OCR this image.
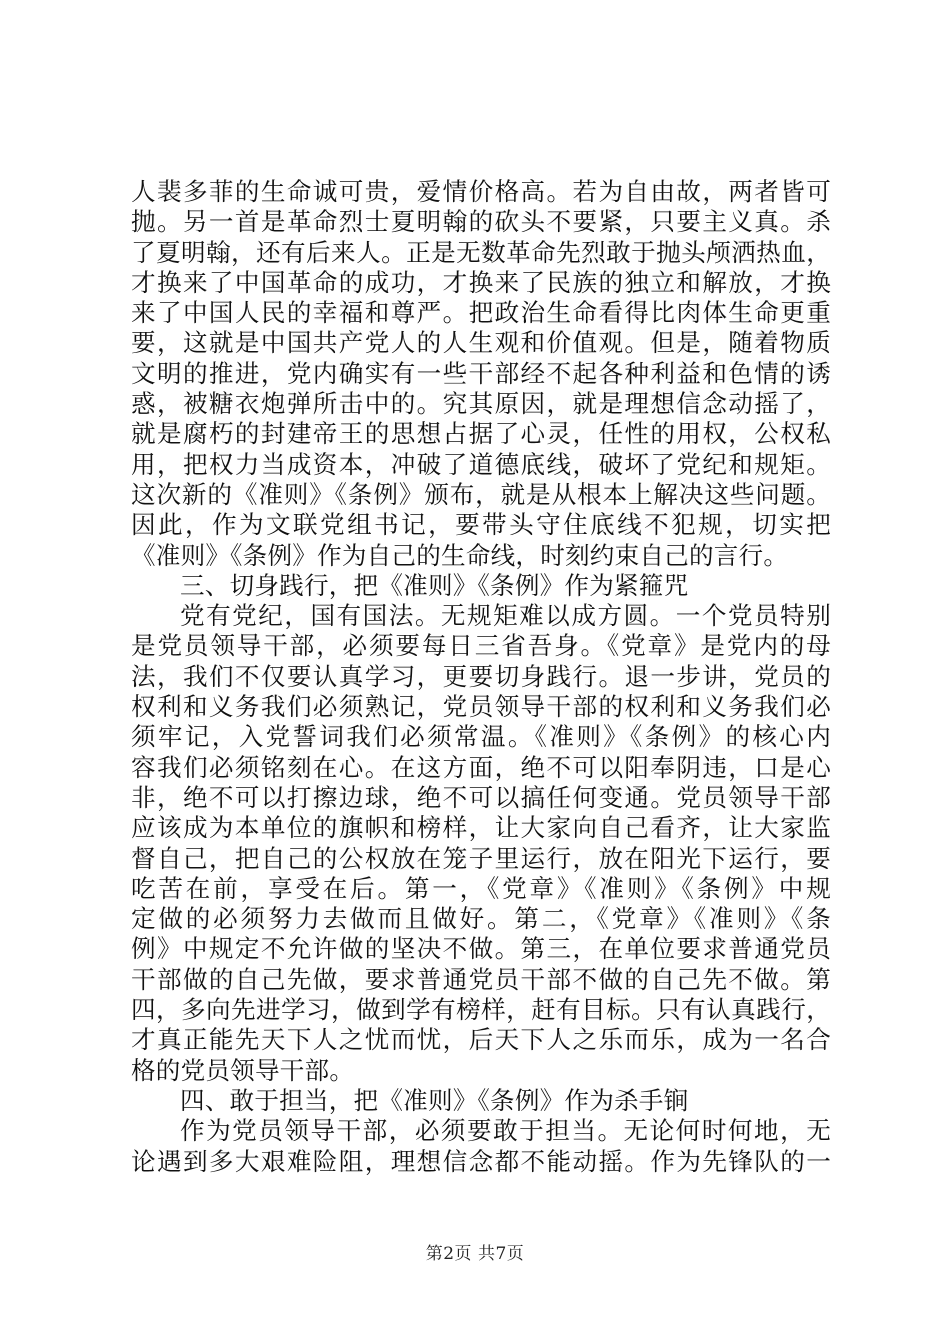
人裴多菲的生命诚可贵，爱情价格高。若为自由故，两者皆可
抛。另一首是革命烈士夏明翰的砍头不要紧，只要主义真。杀
了夏明翰，还有后来人。正是无数革命先烈敢于抛头颅洒热血，
才换来了中国革命的成功，才换来了民族的独立和解放，才换
来了中国人民的幸福和尊严。把政治生命看得比肉体生命更重
要，这就是中国共产党人的人生观和价值观。但是，随着物质
文明的推进，党内确实有一些干部经不起各种利益和色情的诱
惑，被糖衣炮弹所击中的。究其原因，就是理想信念动摇了，
就是腐朽的封建帝王的思想占据了心灵，任性的用权，公权私
用，把权力当成资本，冲破了道德底线，破坏了党纪和规矩。
这次新的《准则》《条例》颁布，就是从根本上解决这些问题。
因此，作为文联党组书记，要带头守住底线不犯规，切实把
《准则》《条例》作为自己的生命线，时刻约束自己的言行。
三、切身践行，把《准则》《条例》作为紧箍咒
党有党纪，国有国法。无规矩难以成方圆。一个党员特别
是党员领导干部，必须要每日三省吾身。《党章》是党内的母
法，我们不仅要认真学习，更要切身践行。退一步讲，党员的
权利和义务我们必须熟记，党员领导干部的权利和义务我们必
须牢记，入党誓词我们必须常温。《准则》《条例》的核心内
容我们必须铭刻在心。在这方面，绝不可以阳奉阴违，口是心
非，绝不可以打擦边球，绝不可以搞任何变通。党员领导干部
应该成为本单位的旗帜和榜样，让大家向自己看齐，让大家监
督自己，把自己的公权放在笼子里运行，放在阳光下运行，要
吃苦在前，享受在后。第一，《党章》《准则》《条例》中规
定做的必须努力去做而且做好。第二，《党章》《准则》《条
例》中规定不允许做的坚决不做。第三，在单位要求普通党员
干部做的自己先做，要求普通党员干部不做的自己先不做。第
四，多向先进学习，做到学有榜样，赶有目标。只有认真践行，
才真正能先天下人之忧而忧，后天下人之乐而乐，成为一名合
格的党员领导干部。
四、敢于担当，把《准则》《条例》作为杀手锏
作为党员领导干部，必须要敢于担当。无论何时何地，无
论遇到多大艰难险阻，理想信念都不能动摇。作为先锋队的一
第2页 共7页
